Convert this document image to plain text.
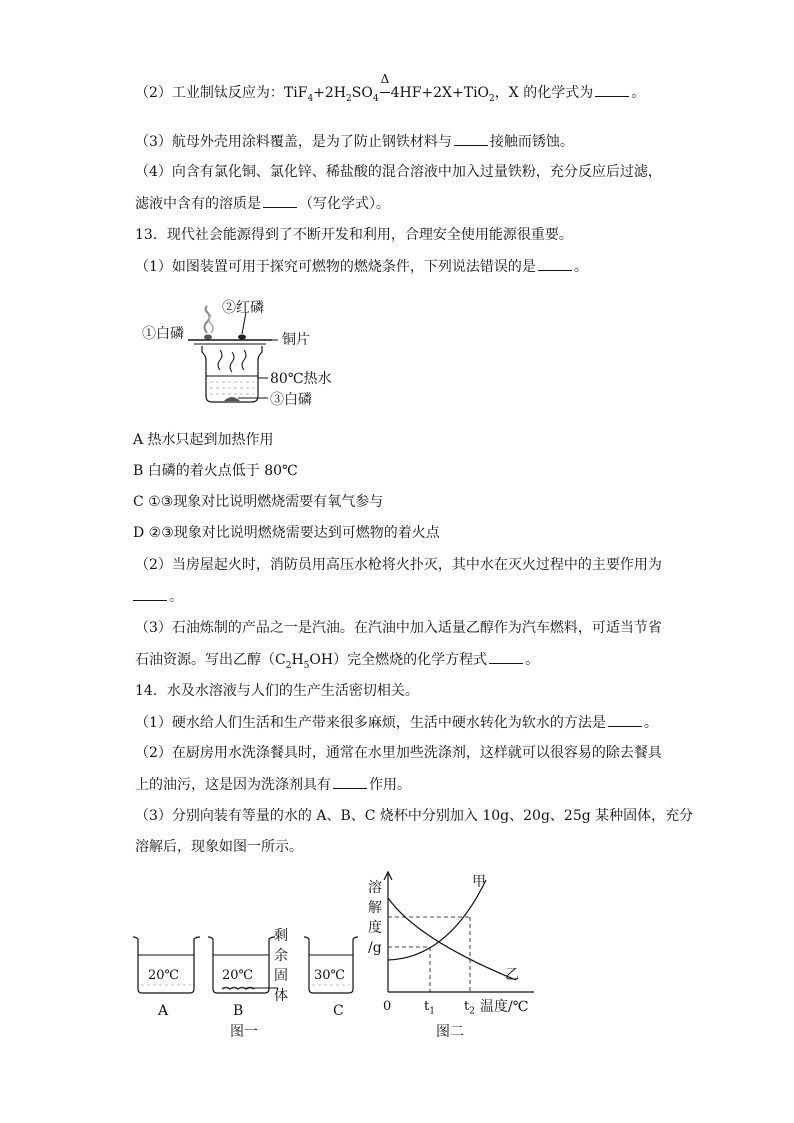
（2）工业制钛反应为：$TiF_4+2H_2SO_4$
Δ
4HF+2X+TiO$_2$，X 的化学式为	。
（3）航母外壳用涂料覆盖，是为了防止钢铁材料与	接触而锈蚀。
（4）向含有氯化铜、氯化锌、稀盐酸的混合溶液中加入过量铁粉，充分反应后过滤，
滤液中含有的溶质是	（写化学式）。
13．现代社会能源得到了不断开发和利用，合理安全使用能源很重要。
（1）如图装置可用于探究可燃物的燃烧条件，下列说法错误的是	。
①白磷
②红磷
铜片
80℃热水
③白磷
A 热水只起到加热作用
B 白磷的着火点低于 80℃
C ①③现象对比说明燃烧需要有氧气参与
D ②③现象对比说明燃烧需要达到可燃物的着火点
（2）当房屋起火时，消防员用高压水枪将火扑灭，其中水在灭火过程中的主要作用为
。
（3）石油炼制的产品之一是汽油。在汽油中加入适量乙醇作为汽车燃料，可适当节省
石油资源。写出乙醇$(C_2H_5OH)$完全燃烧的化学方程式	。
14．水及水溶液与人们的生产生活密切相关。
（1）硬水给人们生活和生产带来很多麻烦，生活中硬水转化为软水的方法是	。
（2）在厨房用水洗涤餐具时，通常在水里加些洗涤剂，这样就可以很容易的除去餐具
上的油污，这是因为洗涤剂具有	作用。
（3）分别向装有等量的水的 A、B、C 烧杯中分别加入 10g、20g、25g 某种固体，充分
溶解后，现象如图一所示。
20℃	20℃	30℃
A	B	C
剩
余
固
体
图一
溶
解
度
/g
甲
乙
0	$t_1$ $t_2$ 温度/℃
图二
